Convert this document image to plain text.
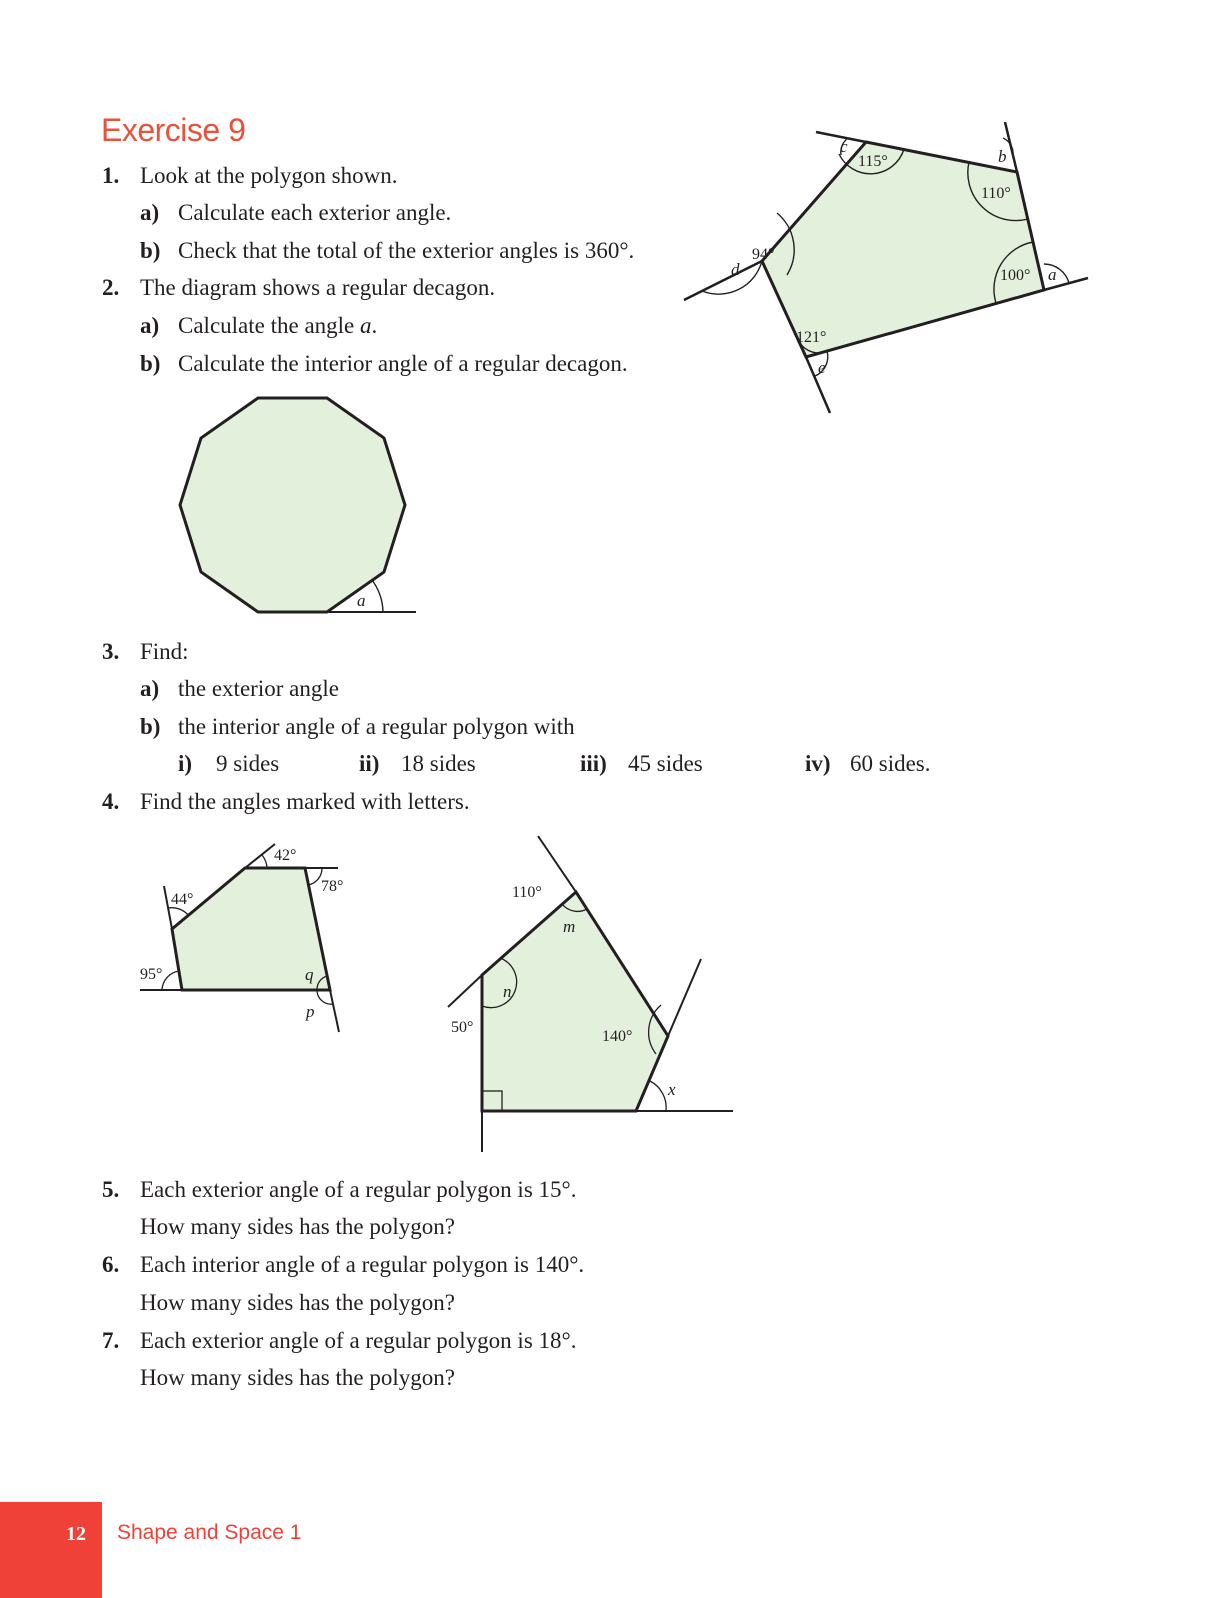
Exercise 9
1. Look at the polygon shown.
a) Calculate each exterior angle.
b) Check that the total of the exterior angles is 360°.
2. The diagram shows a regular decagon.
a) Calculate the angle a.
b) Calculate the interior angle of a regular decagon.
3. Find:
a) the exterior angle
b) the interior angle of a regular polygon with
i) 9 sides	ii) 18 sides	iii) 45 sides	iv) 60 sides.
4. Find the angles marked with letters.
5. Each exterior angle of a regular polygon is 15°.
How many sides has the polygon?
6. Each interior angle of a regular polygon is 140°.
How many sides has the polygon?
7. Each exterior angle of a regular polygon is 18°.
How many sides has the polygon?
115°
110°
100°
121°
94°
a
b
c
d
e
a
42°
78°
44°
95°	q
p
110°
50°
140°
m
n
x
12 Shape and Space 1
